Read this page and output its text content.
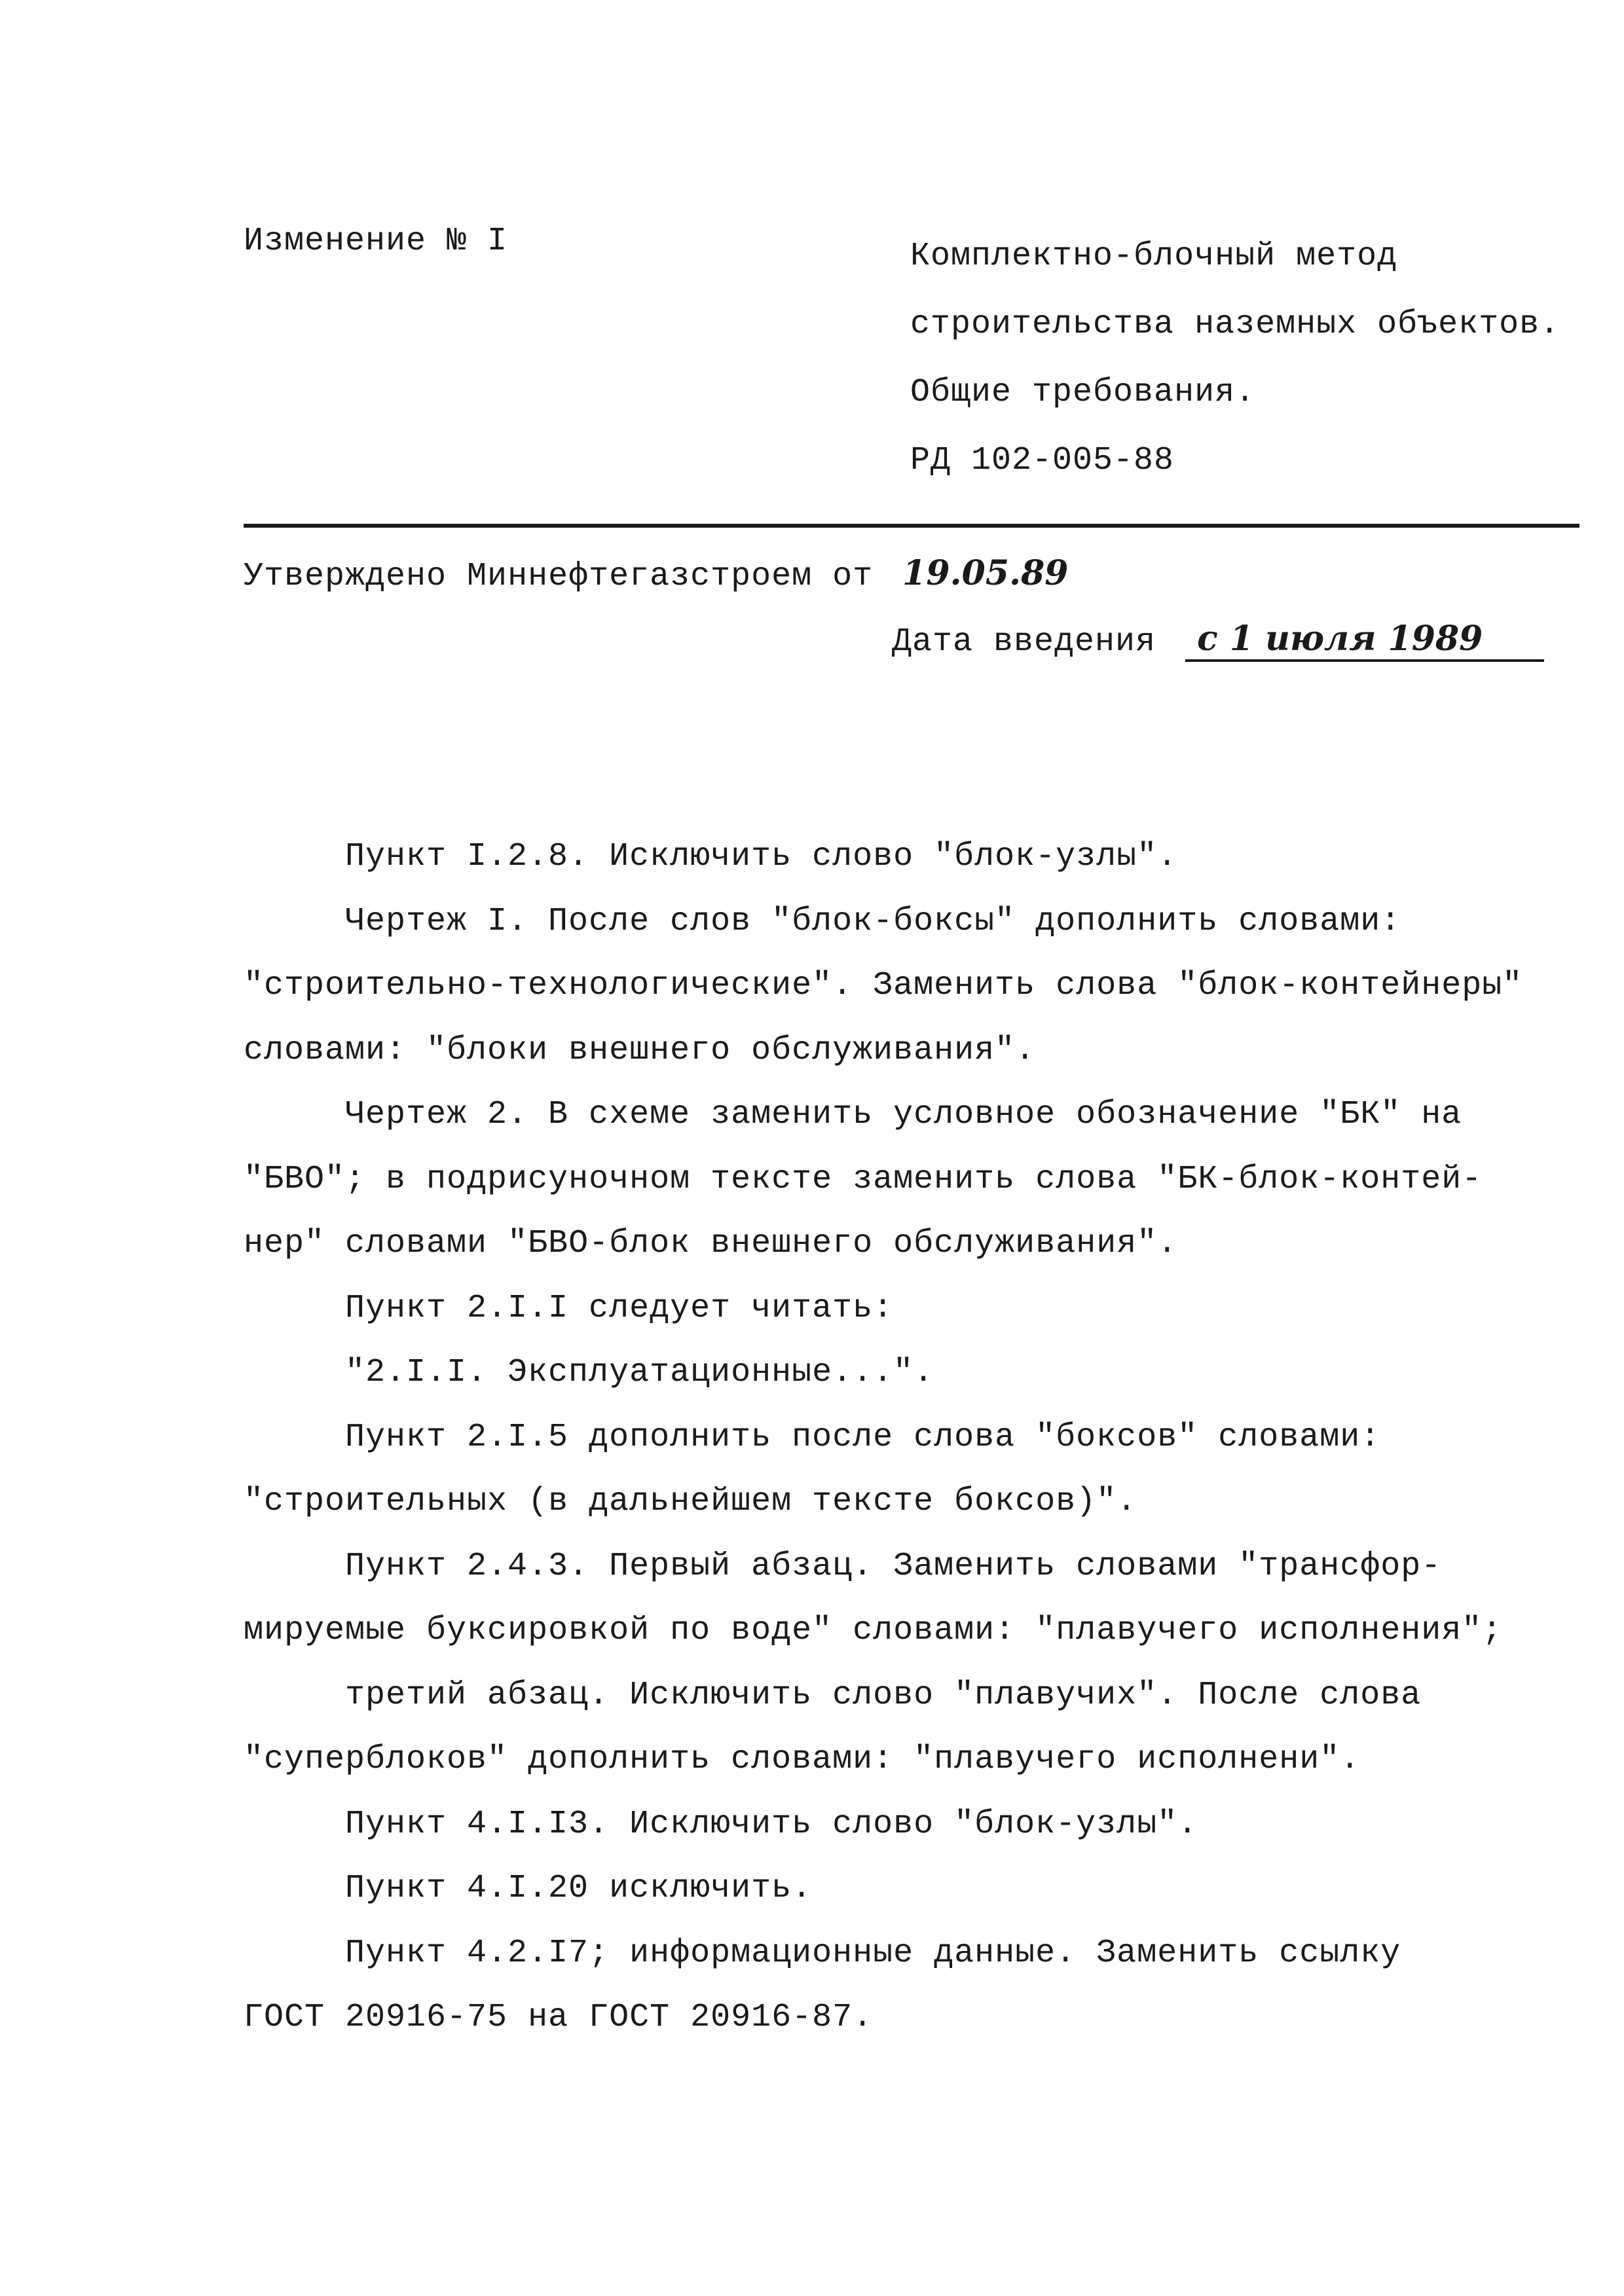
Изменение № I	Комплектно-блочный метод
строительства наземных объектов.
Общие требования.
РД 102-005-88
Утверждено Миннефтегазстроем от 19.05.89
Дата введения с 1 июля 1989
Пункт I.2.8. Исключить слово "блок-узлы".
Чертеж I. После слов "блок-боксы" дополнить словами:
"строительно-технологические". Заменить слова "блок-контейнеры"
словами: "блоки внешнего обслуживания".
Чертеж 2. В схеме заменить условное обозначение "БК" на
"БВО"; в подрисуночном тексте заменить слова "БК-блок-контей-
нер" словами "БВО-блок внешнего обслуживания".
Пункт 2.I.I следует читать:
"2.I.I. Эксплуатационные...".
Пункт 2.I.5 дополнить после слова "боксов" словами:
"строительных (в дальнейшем тексте боксов)".
Пункт 2.4.3. Первый абзац. Заменить словами "трансфор-
мируемые буксировкой по воде" словами: "плавучего исполнения";
третий абзац. Исключить слово "плавучих". После слова
"суперблоков" дополнить словами: "плавучего исполнени".
Пункт 4.I.I3. Исключить слово "блок-узлы".
Пункт 4.I.20 исключить.
Пункт 4.2.I7; информационные данные. Заменить ссылку
ГОСТ 20916-75 на ГОСТ 20916-87.
